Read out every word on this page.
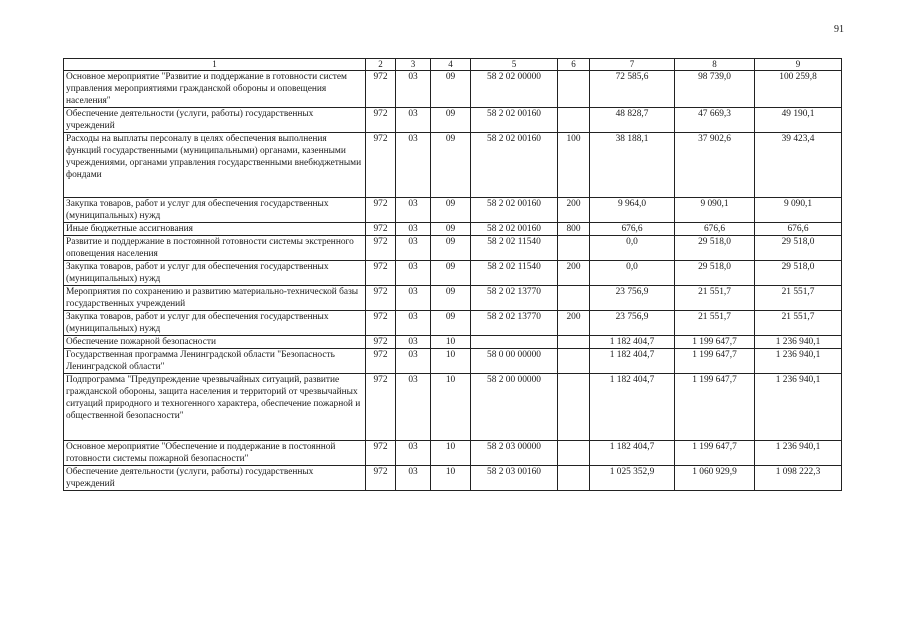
91
1	2	3	4	5	6	7	8	9
Основное мероприятие "Развитие и поддержание в готовности систем управления мероприятиями гражданской обороны и оповещения населения"	972	03	09	58 2 02 00000		72 585,6	98 739,0	100 259,8
Обеспечение деятельности (услуги, работы) государственных учреждений	972	03	09	58 2 02 00160		48 828,7	47 669,3	49 190,1
Расходы на выплаты персоналу в целях обеспечения выполнения функций государственными (муниципальными) органами, казенными учреждениями, органами управления государственными внебюджетными фондами	972	03	09	58 2 02 00160	100	38 188,1	37 902,6	39 423,4
Закупка товаров, работ и услуг для обеспечения государственных (муниципальных) нужд	972	03	09	58 2 02 00160	200	9 964,0	9 090,1	9 090,1
Иные бюджетные ассигнования	972	03	09	58 2 02 00160	800	676,6	676,6	676,6
Развитие и поддержание в постоянной готовности системы экстренного оповещения населения	972	03	09	58 2 02 11540		0,0	29 518,0	29 518,0
Закупка товаров, работ и услуг для обеспечения государственных (муниципальных) нужд	972	03	09	58 2 02 11540	200	0,0	29 518,0	29 518,0
Мероприятия по сохранению и развитию материально-технической базы государственных учреждений	972	03	09	58 2 02 13770		23 756,9	21 551,7	21 551,7
Закупка товаров, работ и услуг для обеспечения государственных (муниципальных) нужд	972	03	09	58 2 02 13770	200	23 756,9	21 551,7	21 551,7
Обеспечение пожарной безопасности	972	03	10			1 182 404,7	1 199 647,7	1 236 940,1
Государственная программа Ленинградской области "Безопасность Ленинградской области"	972	03	10	58 0 00 00000		1 182 404,7	1 199 647,7	1 236 940,1
Подпрограмма "Предупреждение чрезвычайных ситуаций, развитие гражданской обороны, защита населения и территорий от чрезвычайных ситуаций природного и техногенного характера, обеспечение пожарной и общественной безопасности"	972	03	10	58 2 00 00000		1 182 404,7	1 199 647,7	1 236 940,1
Основное мероприятие "Обеспечение и поддержание в постоянной готовности системы пожарной безопасности"	972	03	10	58 2 03 00000		1 182 404,7	1 199 647,7	1 236 940,1
Обеспечение деятельности (услуги, работы) государственных учреждений	972	03	10	58 2 03 00160		1 025 352,9	1 060 929,9	1 098 222,3
